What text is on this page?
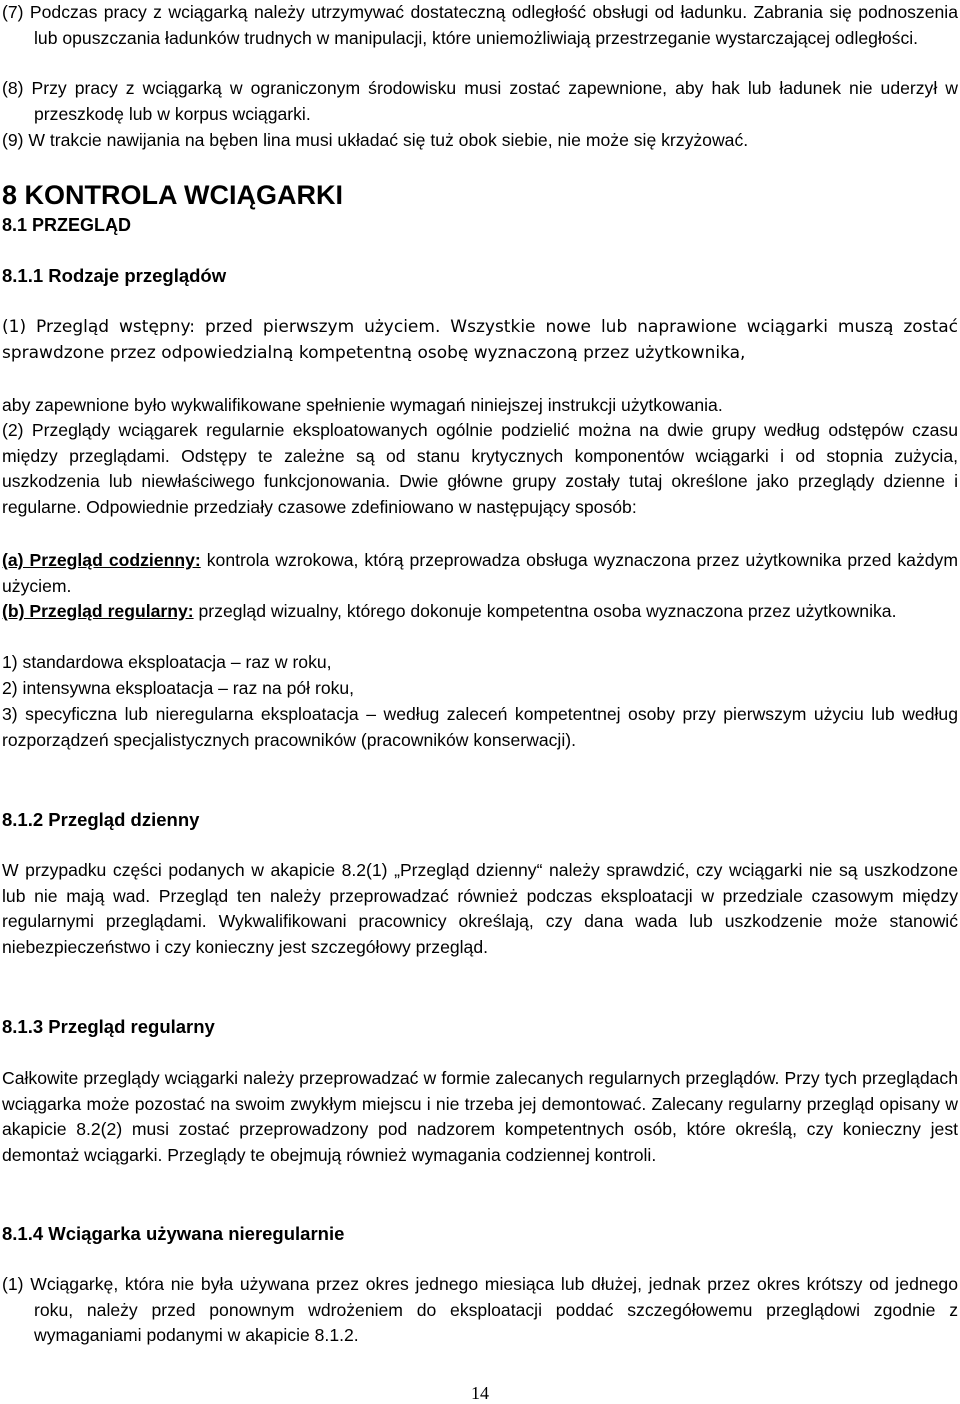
(7) Podczas pracy z wciągarką należy utrzymywać dostateczną odległość obsługi od ładunku. Zabrania się podnoszenia lub opuszczania ładunków trudnych w manipulacji, które uniemożliwiają przestrzeganie wystarczającej odległości.

(8) Przy pracy z wciągarką w ograniczonym środowisku musi zostać zapewnione, aby hak lub ładunek nie uderzył w przeszkodę lub w korpus wciągarki.

(9) W trakcie nawijania na bęben lina musi układać się tuż obok siebie, nie może się krzyżować.

8 KONTROLA WCIĄGARKI
8.1 PRZEGLĄD
8.1.1 Rodzaje przeglądów

(1) Przegląd wstępny: przed pierwszym użyciem. Wszystkie nowe lub naprawione wciągarki muszą zostać sprawdzone przez odpowiedzialną kompetentną osobę wyznaczoną przez użytkownika,

aby zapewnione było wykwalifikowane spełnienie wymagań niniejszej instrukcji użytkowania.

(2) Przeglądy wciągarek regularnie eksploatowanych ogólnie podzielić można na dwie grupy według odstępów czasu między przeglądami. Odstępy te zależne są od stanu krytycznych komponentów wciągarki i od stopnia zużycia, uszkodzenia lub niewłaściwego funkcjonowania. Dwie główne grupy zostały tutaj określone jako przeglądy dzienne i regularne. Odpowiednie przedziały czasowe zdefiniowano w następujący sposób:

(a) Przegląd codzienny: kontrola wzrokowa, którą przeprowadza obsługa wyznaczona przez użytkownika przed każdym użyciem.

(b) Przegląd regularny: przegląd wizualny, którego dokonuje kompetentna osoba wyznaczona przez użytkownika.

1) standardowa eksploatacja – raz w roku,

2) intensywna eksploatacja – raz na pół roku,

3) specyficzna lub nieregularna eksploatacja – według zaleceń kompetentnej osoby przy pierwszym użyciu lub według rozporządzeń specjalistycznych pracowników (pracowników konserwacji).

8.1.2 Przegląd dzienny

W przypadku części podanych w akapicie 8.2(1) „Przegląd dzienny“ należy sprawdzić, czy wciągarki nie są uszkodzone lub nie mają wad. Przegląd ten należy przeprowadzać również podczas eksploatacji w przedziale czasowym między regularnymi przeglądami. Wykwalifikowani pracownicy określają, czy dana wada lub uszkodzenie może stanowić niebezpieczeństwo i czy konieczny jest szczegółowy przegląd.

8.1.3 Przegląd regularny

Całkowite przeglądy wciągarki należy przeprowadzać w formie zalecanych regularnych przeglądów. Przy tych przeglądach wciągarka może pozostać na swoim zwykłym miejscu i nie trzeba jej demontować. Zalecany regularny przegląd opisany w akapicie 8.2(2) musi zostać przeprowadzony pod nadzorem kompetentnych osób, które określą, czy konieczny jest demontaż wciągarki. Przeglądy te obejmują również wymagania codziennej kontroli.

8.1.4 Wciągarka używana nieregularnie

(1) Wciągarkę, która nie była używana przez okres jednego miesiąca lub dłużej, jednak przez okres krótszy od jednego roku, należy przed ponownym wdrożeniem do eksploatacji poddać szczegółowemu przeglądowi zgodnie z wymaganiami podanymi w akapicie 8.1.2.

14
